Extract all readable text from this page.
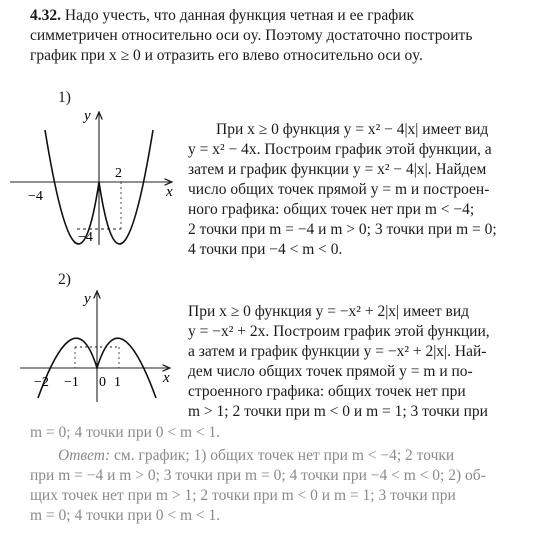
4.32. Надо учесть, что данная функция четная и ее график
симметричен относительно оси oy. Поэтому достаточно построить
график при x ≥ 0 и отразить его влево относительно оси oy.
1)
y
x
−4
2
−4
y
x
−2 −1 0 1
При x ≥ 0 функция y = x² − 4|x| имеет вид
y = x² − 4x. Построим график этой функции, а
затем и график функции y = x² − 4|x|. Найдем
число общих точек прямой y = m и построен-
ного графика: общих точек нет при m < −4;
2 точки при m = −4 и m > 0; 3 точки при m = 0;
4 точки при −4 < m < 0.
2)
При x ≥ 0 функция y = −x² + 2|x| имеет вид
y = −x² + 2x. Построим график этой функции,
а затем и график функции y = −x² + 2|x|. Най-
дем число общих точек прямой y = m и по-
строенного графика: общих точек нет при
m > 1; 2 точки при m < 0 и m = 1; 3 точки при
m = 0; 4 точки при 0 < m < 1.
Ответ: см. график; 1) общих точек нет при m < −4; 2 точки
при m = −4 и m > 0; 3 точки при m = 0; 4 точки при −4 < m < 0; 2) об-
щих точек нет при m > 1; 2 точки при m < 0 и m = 1; 3 точки при
m = 0; 4 точки при 0 < m < 1.
